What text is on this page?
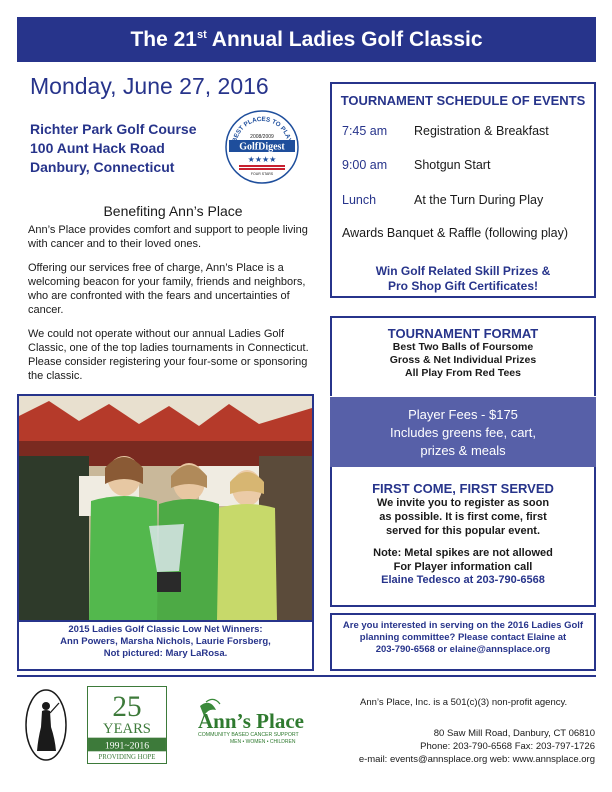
The 21st Annual Ladies Golf Classic
Monday, June 27, 2016
Richter Park Golf Course
100 Aunt Hack Road
Danbury, Connecticut
EST PLACES TO PLA
2008/2009
GolfDigest
★★★★
FOUR STARS
Benefiting Ann’s Place
Ann’s Place provides comfort and support to people living with cancer and to their loved ones.
Offering our services free of charge, Ann’s Place is a welcoming beacon for your family, friends and neighbors, who are confronted with the fears and uncertainties of cancer.
We could not operate without our annual Ladies Golf Classic, one of the top ladies tournaments in Connecticut. Please consider registering your four-some or sponsoring the classic.
2015 Ladies Golf Classic Low Net Winners:
Ann Powers, Marsha Nichols, Laurie Forsberg,
Not pictured: Mary LaRosa.
TOURNAMENT SCHEDULE OF EVENTS
7:45 am Registration & Breakfast
9:00 am Shotgun Start
Lunch	At the Turn During Play
Awards Banquet & Raffle (following play)
Win Golf Related Skill Prizes &
Pro Shop Gift Certificates!
TOURNAMENT FORMAT
Best Two Balls of Foursome
Gross & Net Individual Prizes
All Play From Red Tees
Player Fees - $175
Includes greens fee, cart,
prizes & meals
FIRST COME, FIRST SERVED
We invite you to register as soon
as possible. It is first come, first
served for this popular event.
Note: Metal spikes are not allowed
For Player information call
Elaine Tedesco at 203-790-6568
Are you interested in serving on the 2016 Ladies Golf
planning committee? Please contact Elaine at
203-790-6568 or elaine@annsplace.org
25
YEARS
1991~2016
PROVIDING HOPE
Ann’s Place
COMMUNITY BASED CANCER SUPPORT
MEN • WOMEN • CHILDREN
Ann’s Place, Inc. is a 501(c)(3) non-profit agency.
80 Saw Mill Road, Danbury, CT 06810
Phone: 203-790-6568 Fax: 203-797-1726
e-mail: events@annsplace.org web: www.annsplace.org
